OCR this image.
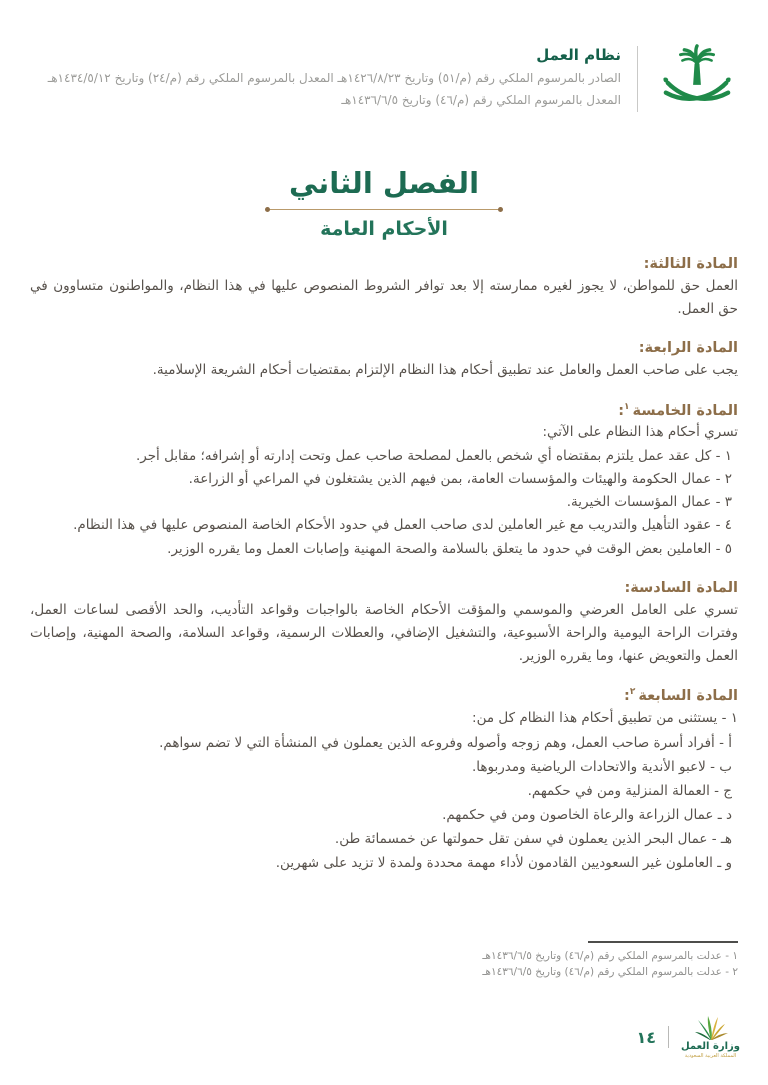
نظام العمل
الصادر بالمرسوم الملكي رقم (م/٥١) وتاريخ ١٤٢٦/٨/٢٣هـ المعدل بالمرسوم الملكي رقم (م/٢٤) وتاريخ ١٤٣٤/٥/١٢هـ
المعدل بالمرسوم الملكي رقم (م/٤٦) وتاريخ ١٤٣٦/٦/٥هـ
الفصل الثاني
الأحكام العامة
المادة الثالثة:

العمل حق للمواطن، لا يجوز لغيره ممارسته إلا بعد توافر الشروط المنصوص عليها في هذا النظام، والمواطنون متساوون في حق العمل.

المادة الرابعة:

يجب على صاحب العمل والعامل عند تطبيق أحكام هذا النظام الإلتزام بمقتضيات أحكام الشريعة الإسلامية.

المادة الخامسة$^١$:

تسري أحكام هذا النظام على الآتي:

١ - كل عقد عمل يلتزم بمقتضاه أي شخص بالعمل لمصلحة صاحب عمل وتحت إدارته أو إشرافه؛ مقابل أجر.
٢ - عمال الحكومة والهيئات والمؤسسات العامة، بمن فيهم الذين يشتغلون في المراعي أو الزراعة.
٣ - عمال المؤسسات الخيرية.
٤ - عقود التأهيل والتدريب مع غير العاملين لدى صاحب العمل في حدود الأحكام الخاصة المنصوص عليها في هذا النظام.
٥ - العاملين بعض الوقت في حدود ما يتعلق بالسلامة والصحة المهنية وإصابات العمل وما يقرره الوزير.
المادة السادسة:

تسري على العامل العرضي والموسمي والمؤقت الأحكام الخاصة بالواجبات وقواعد التأديب، والحد الأقصى لساعات العمل، وفترات الراحة اليومية والراحة الأسبوعية، والتشغيل الإضافي، والعطلات الرسمية، وقواعد السلامة، والصحة المهنية، وإصابات العمل والتعويض عنها، وما يقرره الوزير.

المادة السابعة$^٢$:

١ - يستثنى من تطبيق أحكام هذا النظام كل من:

أ - أفراد أسرة صاحب العمل، وهم زوجه وأصوله وفروعه الذين يعملون في المنشأة التي لا تضم سواهم.
ب - لاعبو الأندية والاتحادات الرياضية ومدربوها.
ج - العمالة المنزلية ومن في حكمهم.
د ـ عمال الزراعة والرعاة الخاصون ومن في حكمهم.
هـ - عمال البحر الذين يعملون في سفن تقل حمولتها عن خمسمائة طن.
و ـ العاملون غير السعوديين القادمون لأداء مهمة محددة ولمدة لا تزيد على شهرين.
١ - عدلت بالمرسوم الملكي رقم (م/٤٦) وتاريخ ١٤٣٦/٦/٥هـ
٢ - عدلت بالمرسوم الملكي رقم (م/٤٦) وتاريخ ١٤٣٦/٦/٥هـ
وزارة العمل
المملكة العربية السعودية
١٤
